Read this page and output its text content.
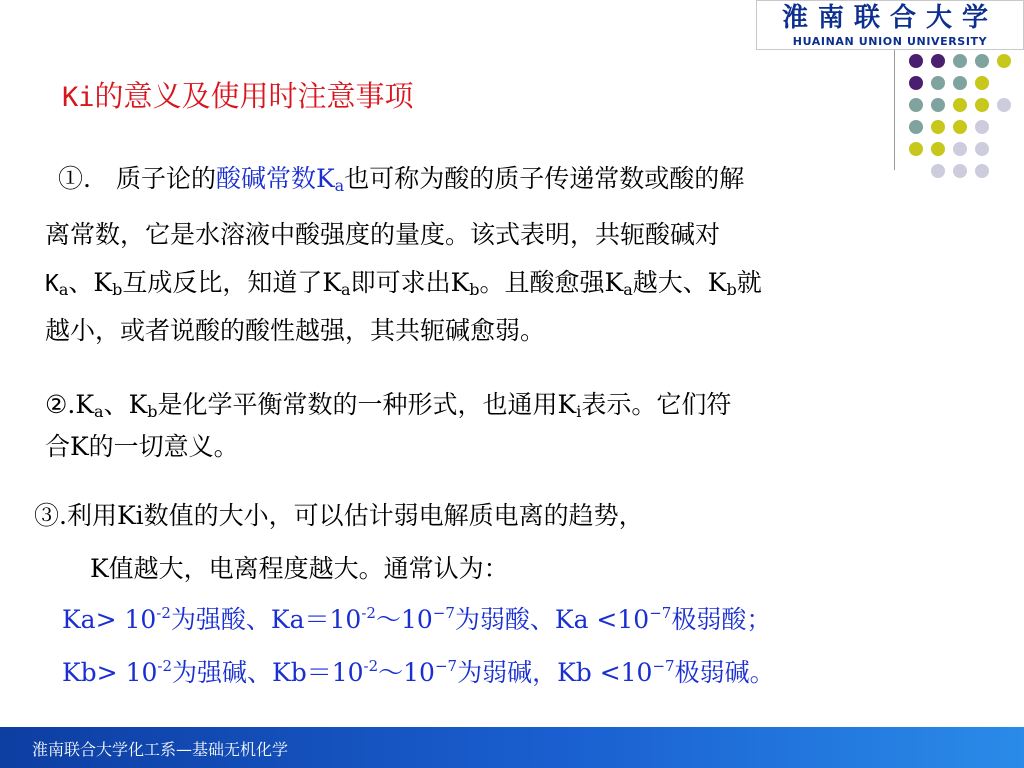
淮南联合大学
HUAINAN UNION UNIVERSITY
Ki的意义及使用时注意事项
①.　质子论的酸碱常数$K_a$也可称为酸的质子传递常数或酸的解
离常数，它是水溶液中酸强度的量度。该式表明，共轭酸碱对
$K_a$、$K_b$互成反比，知道了$K_a$即可求出$K_b$。且酸愈强$K_a$越大、$K_b$就
越小，或者说酸的酸性越强，其共轭碱愈弱。
$②.K_a$、$K_b$是化学平衡常数的一种形式，也通用$K_i$表示。它们符
合K的一切意义。
③.利用Ki数值的大小，可以估计弱电解质电离的趋势，
K值越大，电离程度越大。通常认为：
$Ka> 10^{-2}$为强酸、$Ka=10^{-2}\sim 10^{-7}$为弱酸、$Ka <10^{-7}$极弱酸；
$Kb> 10^{-2}$为强碱、$Kb=10^{-2}\sim 10^{-7}$为弱碱，$Kb <10^{-7}$极弱碱。
淮南联合大学化工系—基础无机化学
